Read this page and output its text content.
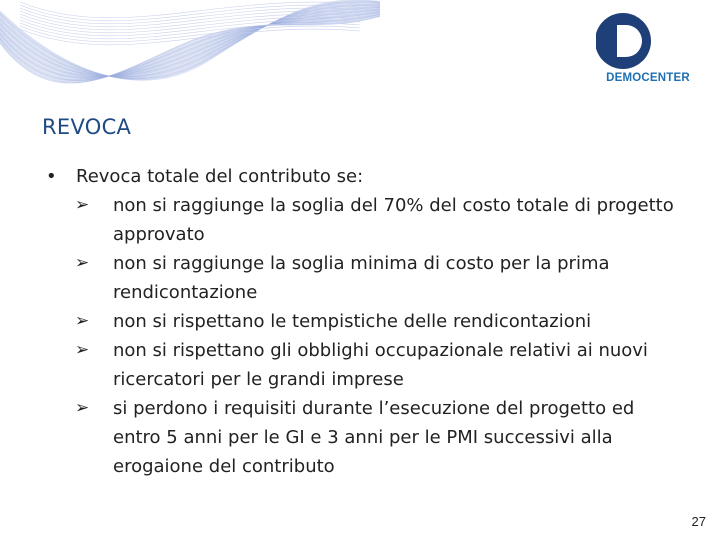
DEMOCENTER
REVOCA
•	Revoca totale del contributo se:
➢	non si raggiunge la soglia del 70% del costo totale di progetto approvato
➢	non si raggiunge la soglia minima di costo per la prima rendicontazione
➢	non si rispettano le tempistiche delle rendicontazioni
➢	non si rispettano gli obblighi occupazionale relativi ai nuovi ricercatori per le grandi imprese
➢	si perdono i requisiti durante l’esecuzione del progetto ed entro 5 anni per le GI e 3 anni per le PMI successivi alla erogaione del contributo
27
